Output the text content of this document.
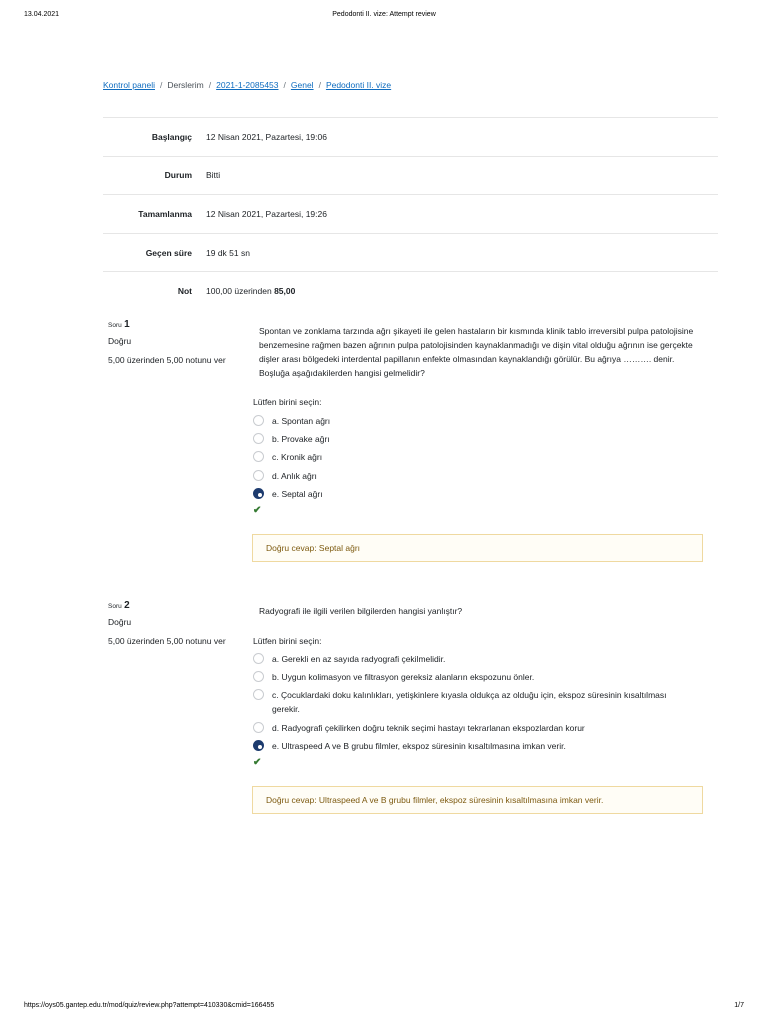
13.04.2021	Pedodonti II. vize: Attempt review
https://oys05.gantep.edu.tr/mod/quiz/review.php?attempt=410330&cmid=166455	1/7
Kontrol paneli / Derslerim / 2021-1-2085453 / Genel / Pedodonti II. vize
Başlangıç	12 Nisan 2021, Pazartesi, 19:06
Durum	Bitti
Tamamlanma	12 Nisan 2021, Pazartesi, 19:26
Geçen süre	19 dk 51 sn
Not	100,00 üzerinden 85,00
Soru 1
Doğru
5,00 üzerinden 5,00 notunu ver
Spontan ve zonklama tarzında ağrı şikayeti ile gelen hastaların bir kısmında klinik tablo irreversibl pulpa patolojisine benzemesine rağmen bazen ağrının pulpa patolojisinden kaynaklanmadığı ve dişin vital olduğu ağrının ise gerçekte dişler arası bölgedeki interdental papillanın enfekte olmasından kaynaklandığı görülür. Bu ağrıya ………. denir. Boşluğa aşağıdakilerden hangisi gelmelidir?
Lütfen birini seçin:
a. Spontan ağrı
b. Provake ağrı
c. Kronik ağrı
d. Anlık ağrı
e. Septal ağrı
✔
Doğru cevap: Septal ağrı
Soru 2
Doğru
5,00 üzerinden 5,00 notunu ver
Radyografi ile ilgili verilen bilgilerden hangisi yanlıştır?
Lütfen birini seçin:
a. Gerekli en az sayıda radyografi çekilmelidir.
b. Uygun kolimasyon ve filtrasyon gereksiz alanların ekspozunu önler.
c. Çocuklardaki doku kalınlıkları, yetişkinlere kıyasla oldukça az olduğu için, ekspoz süresinin kısaltılması gerekir.
d. Radyografi çekilirken doğru teknik seçimi hastayı tekrarlanan ekspozlardan korur
e. Ultraspeed A ve B grubu filmler, ekspoz süresinin kısaltılmasına imkan verir.
✔
Doğru cevap: Ultraspeed A ve B grubu filmler, ekspoz süresinin kısaltılmasına imkan verir.
